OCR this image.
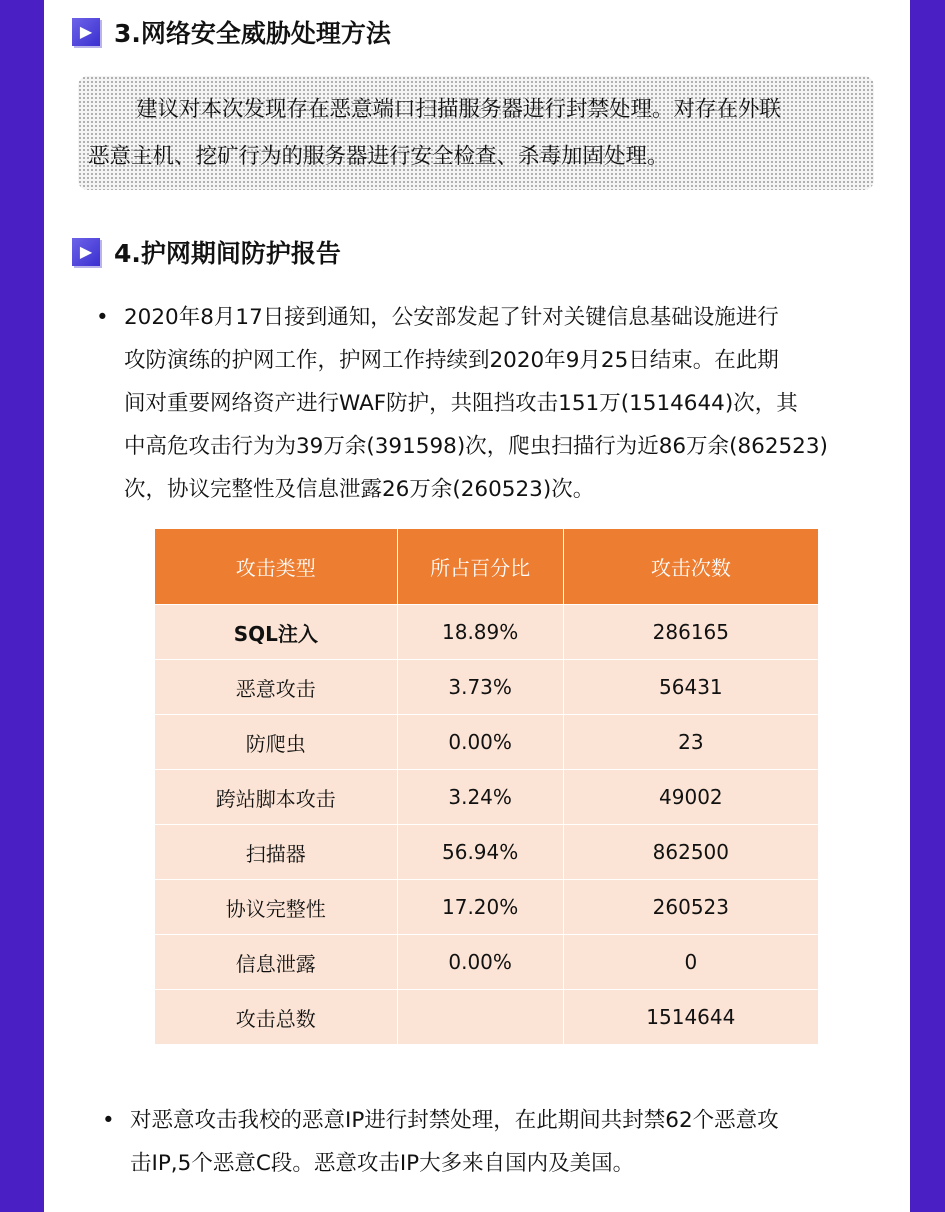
▶ 3.网络安全威胁处理方法
建议对本次发现存在恶意端口扫描服务器进行封禁处理。对存在外联
恶意主机、挖矿行为的服务器进行安全检查、杀毒加固处理。
▶ 4.护网期间防护报告
• 2020年8月17日接到通知，公安部发起了针对关键信息基础设施进行
攻防演练的护网工作，护网工作持续到2020年9月25日结束。在此期
间对重要网络资产进行WAF防护，共阻挡攻击151万(1514644)次，其
中高危攻击行为为39万余(391598)次，爬虫扫描行为近86万余(862523)
次，协议完整性及信息泄露26万余(260523)次。
攻击类型	所占百分比	攻击次数
SQL注入	18.89%	286165
恶意攻击	3.73%	56431
防爬虫	0.00%	23
跨站脚本攻击	3.24%	49002
扫描器	56.94%	862500
协议完整性	17.20%	260523
信息泄露	0.00%	0
攻击总数		1514644
• 对恶意攻击我校的恶意IP进行封禁处理，在此期间共封禁62个恶意攻
击IP,5个恶意C段。恶意攻击IP大多来自国内及美国。
